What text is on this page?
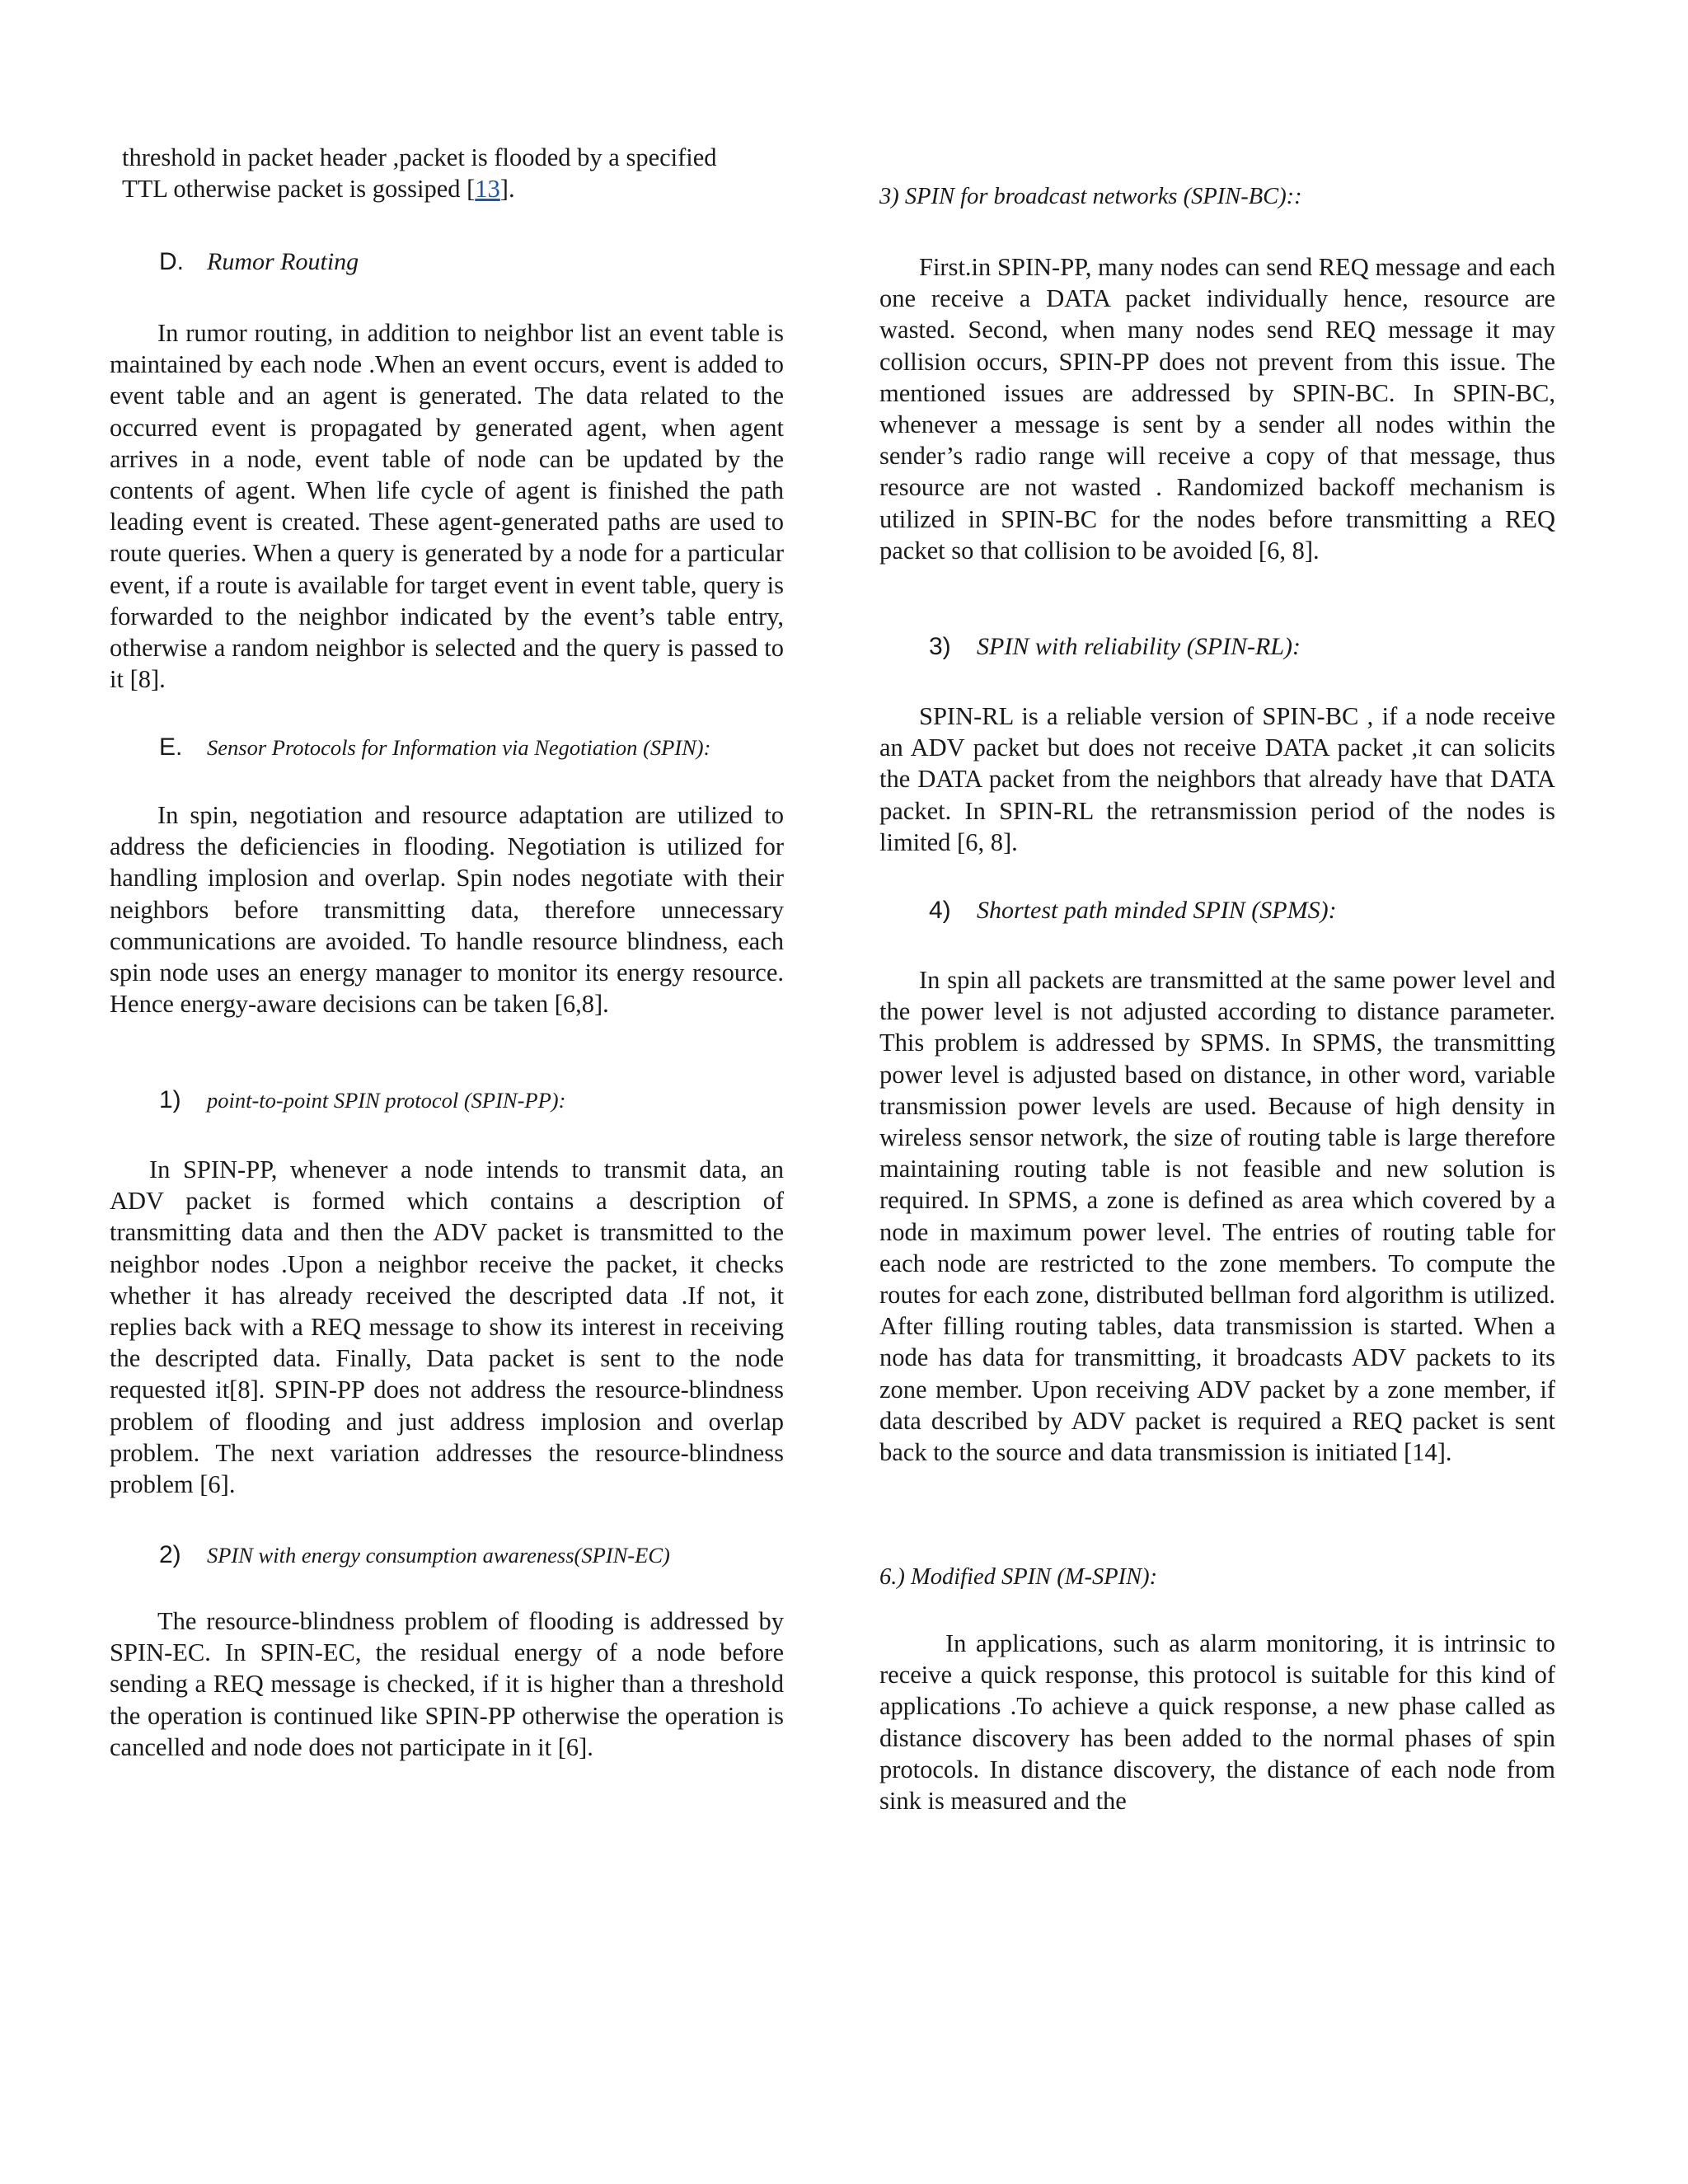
threshold in packet header ,packet is flooded by a specified
TTL otherwise packet is gossiped [13].
D. Rumor Routing

In rumor routing, in addition to neighbor list an event table is maintained by each node .When an event occurs, event is added to event table and an agent is generated. The data related to the occurred event is propagated by generated agent, when agent arrives in a node, event table of node can be updated by the contents of agent. When life cycle of agent is finished the path leading event is created. These agent-generated paths are used to route queries. When a query is generated by a node for a particular event, if a route is available for target event in event table, query is forwarded to the neighbor indicated by the event’s table entry, otherwise a random neighbor is selected and the query is passed to it [8].

E. Sensor Protocols for Information via Negotiation (SPIN):

In spin, negotiation and resource adaptation are utilized to address the deficiencies in flooding. Negotiation is utilized for handling implosion and overlap. Spin nodes negotiate with their neighbors before transmitting data, therefore unnecessary communications are avoided. To handle resource blindness, each spin node uses an energy manager to monitor its energy resource. Hence energy-aware decisions can be taken [6,8].

1) point-to-point SPIN protocol (SPIN-PP):

In SPIN-PP, whenever a node intends to transmit data, an ADV packet is formed which contains a description of transmitting data and then the ADV packet is transmitted to the neighbor nodes .Upon a neighbor receive the packet, it checks whether it has already received the descripted data .If not, it replies back with a REQ message to show its interest in receiving the descripted data. Finally, Data packet is sent to the node requested it[8]. SPIN-PP does not address the resource-blindness problem of flooding and just address implosion and overlap problem. The next variation addresses the resource-blindness problem [6].

2) SPIN with energy consumption awareness(SPIN-EC)

The resource-blindness problem of flooding is addressed by SPIN-EC. In SPIN-EC, the residual energy of a node before sending a REQ message is checked, if it is higher than a threshold the operation is continued like SPIN-PP otherwise the operation is cancelled and node does not participate in it [6].

3) SPIN for broadcast networks (SPIN-BC)::

First.in SPIN-PP, many nodes can send REQ message and each one receive a DATA packet individually hence, resource are wasted. Second, when many nodes send REQ message it may collision occurs, SPIN-PP does not prevent from this issue. The mentioned issues are addressed by SPIN-BC. In SPIN-BC, whenever a message is sent by a sender all nodes within the sender’s radio range will receive a copy of that message, thus resource are not wasted . Randomized backoff mechanism is utilized in SPIN-BC for the nodes before transmitting a REQ packet so that collision to be avoided [6, 8].

3) SPIN with reliability (SPIN-RL):

SPIN-RL is a reliable version of SPIN-BC , if a node receive an ADV packet but does not receive DATA packet ,it can solicits the DATA packet from the neighbors that already have that DATA packet. In SPIN-RL the retransmission period of the nodes is limited [6, 8].

4) Shortest path minded SPIN (SPMS):

In spin all packets are transmitted at the same power level and the power level is not adjusted according to distance parameter. This problem is addressed by SPMS. In SPMS, the transmitting power level is adjusted based on distance, in other word, variable transmission power levels are used. Because of high density in wireless sensor network, the size of routing table is large therefore maintaining routing table is not feasible and new solution is required. In SPMS, a zone is defined as area which covered by a node in maximum power level. The entries of routing table for each node are restricted to the zone members. To compute the routes for each zone, distributed bellman ford algorithm is utilized. After filling routing tables, data transmission is started. When a node has data for transmitting, it broadcasts ADV packets to its zone member. Upon receiving ADV packet by a zone member, if data described by ADV packet is required a REQ packet is sent back to the source and data transmission is initiated [14].

6.) Modified SPIN (M-SPIN):

In applications, such as alarm monitoring, it is intrinsic to receive a quick response, this protocol is suitable for this kind of applications .To achieve a quick response, a new phase called as distance discovery has been added to the normal phases of spin protocols. In distance discovery, the distance of each node from sink is measured and the
